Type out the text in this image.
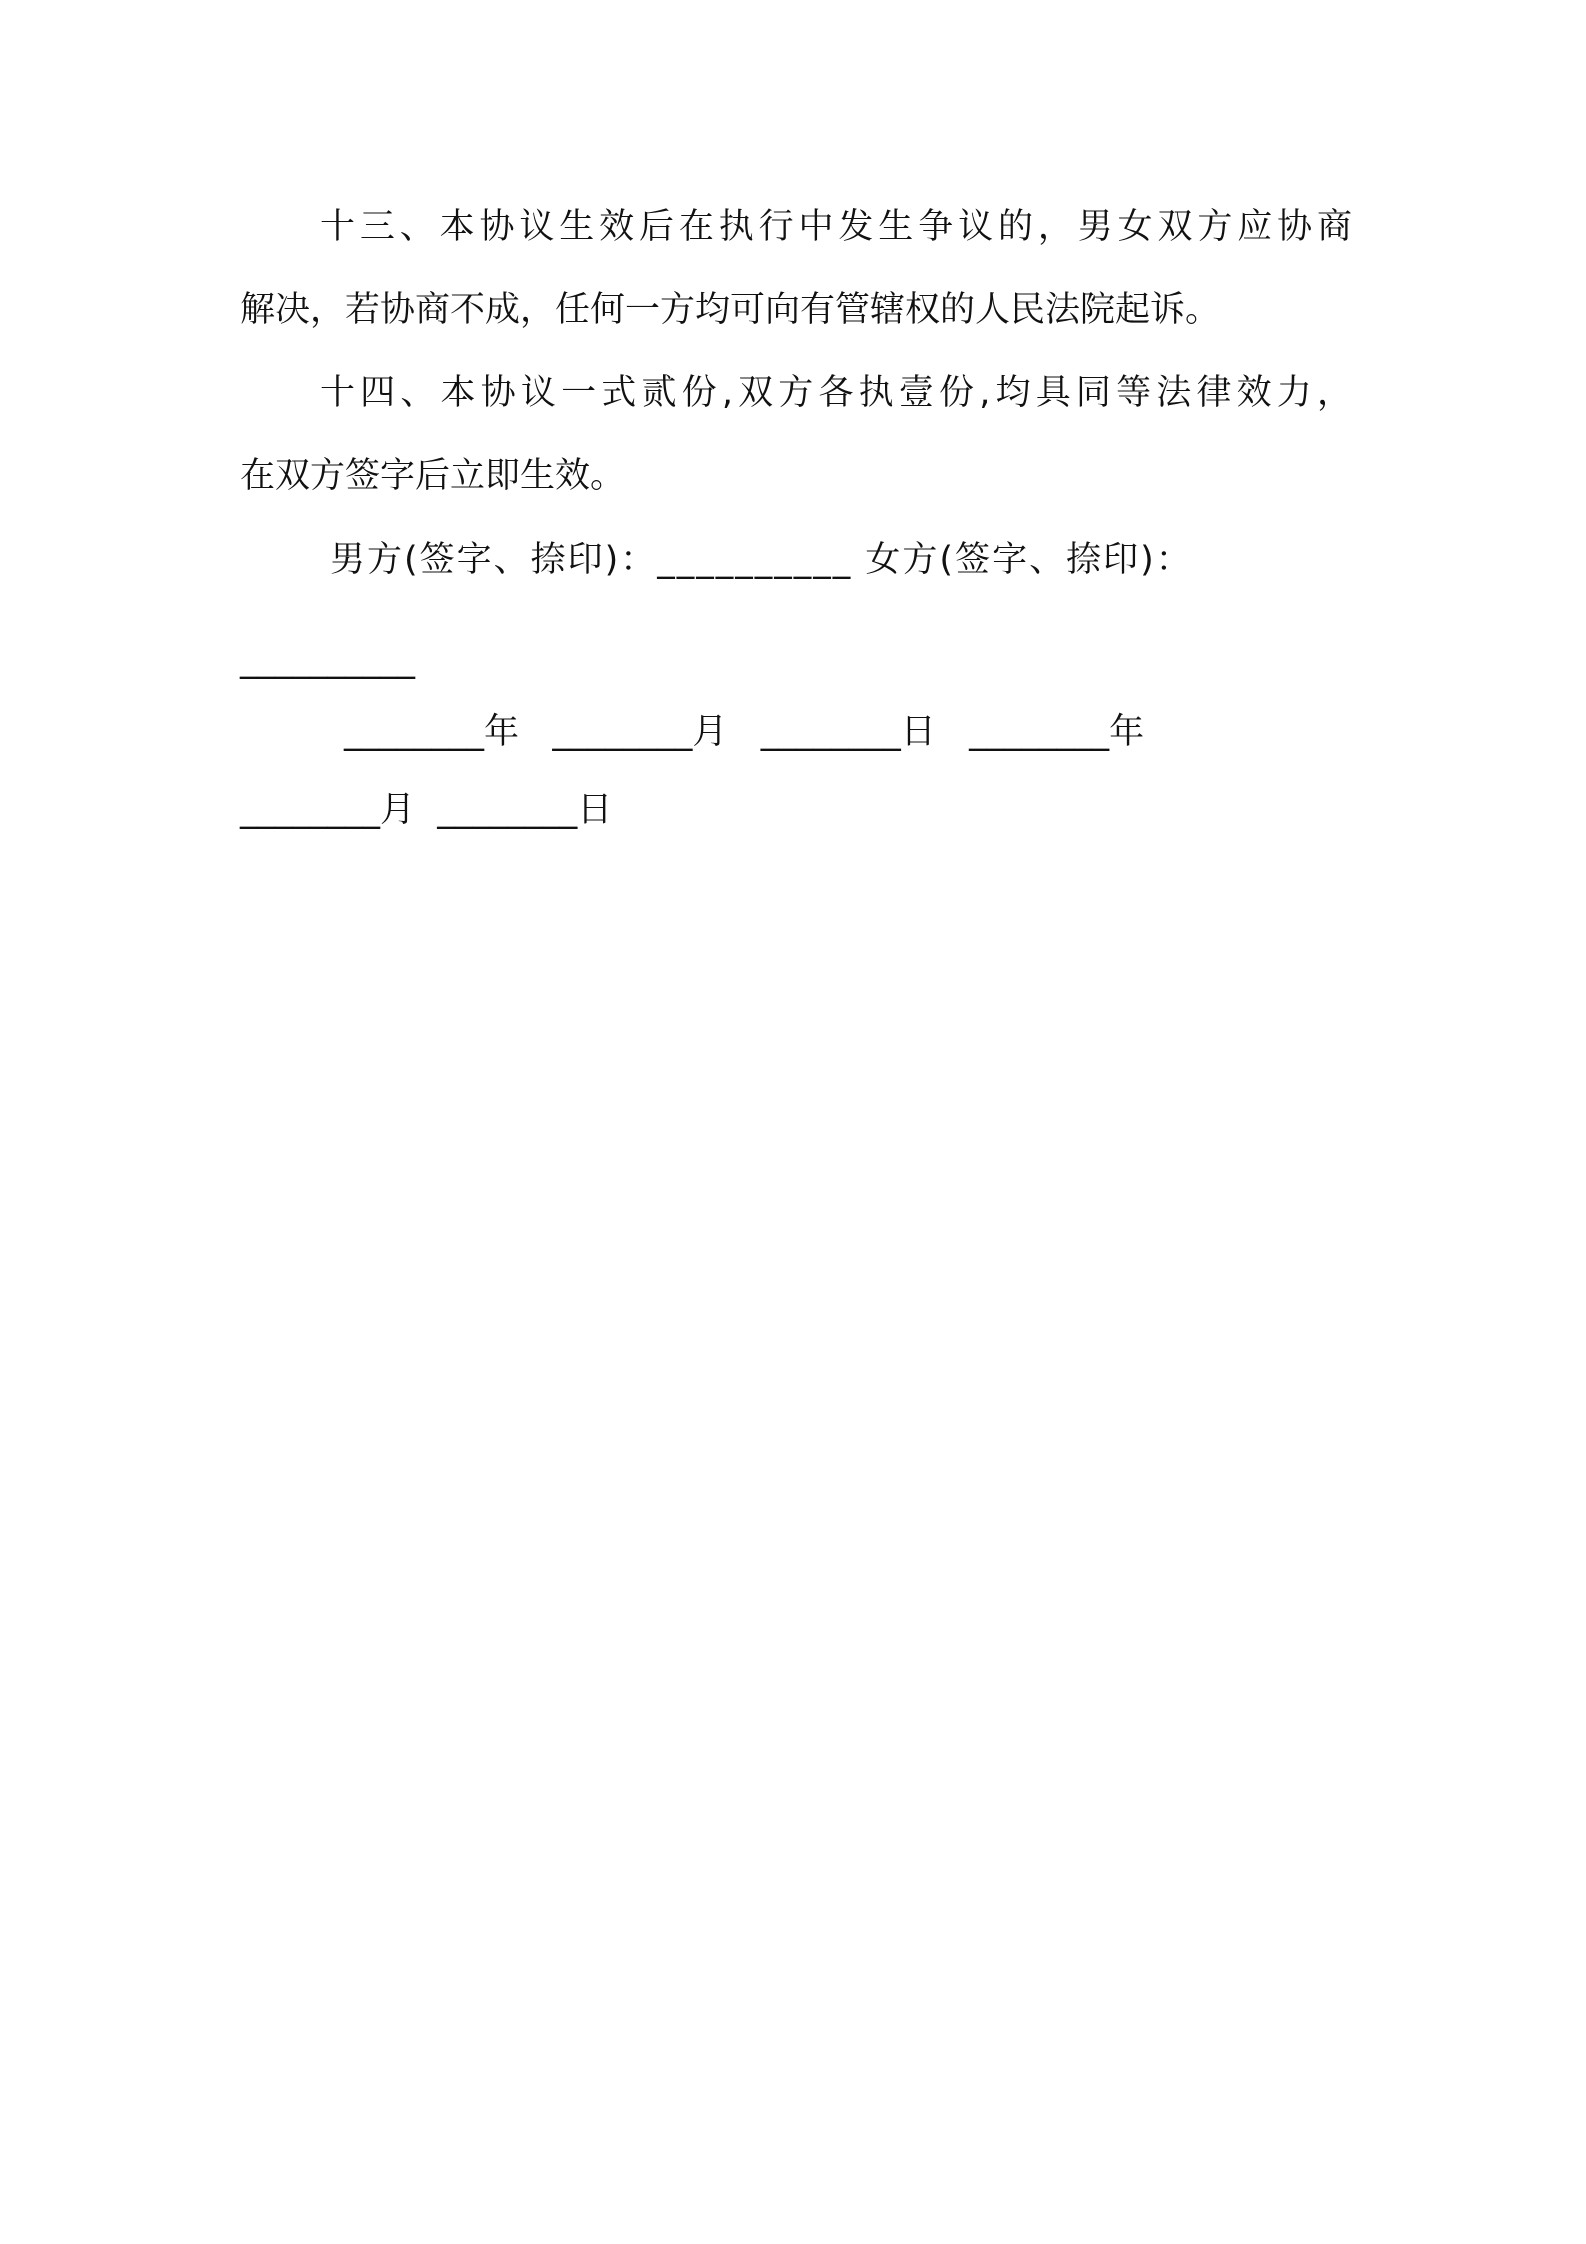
十三、本协议生效后在执行中发生争议的，男女双方应协商
解决，若协商不成，任何一方均可向有管辖权的人民法院起诉。
十四、本协议一式贰份,双方各执壹份,均具同等法律效力，
在双方签字后立即生效。
男方(签字、捺印)：__________ 女方(签字、捺印)：
__________
________年   ________月   ________日   ________年
________月  ________日
